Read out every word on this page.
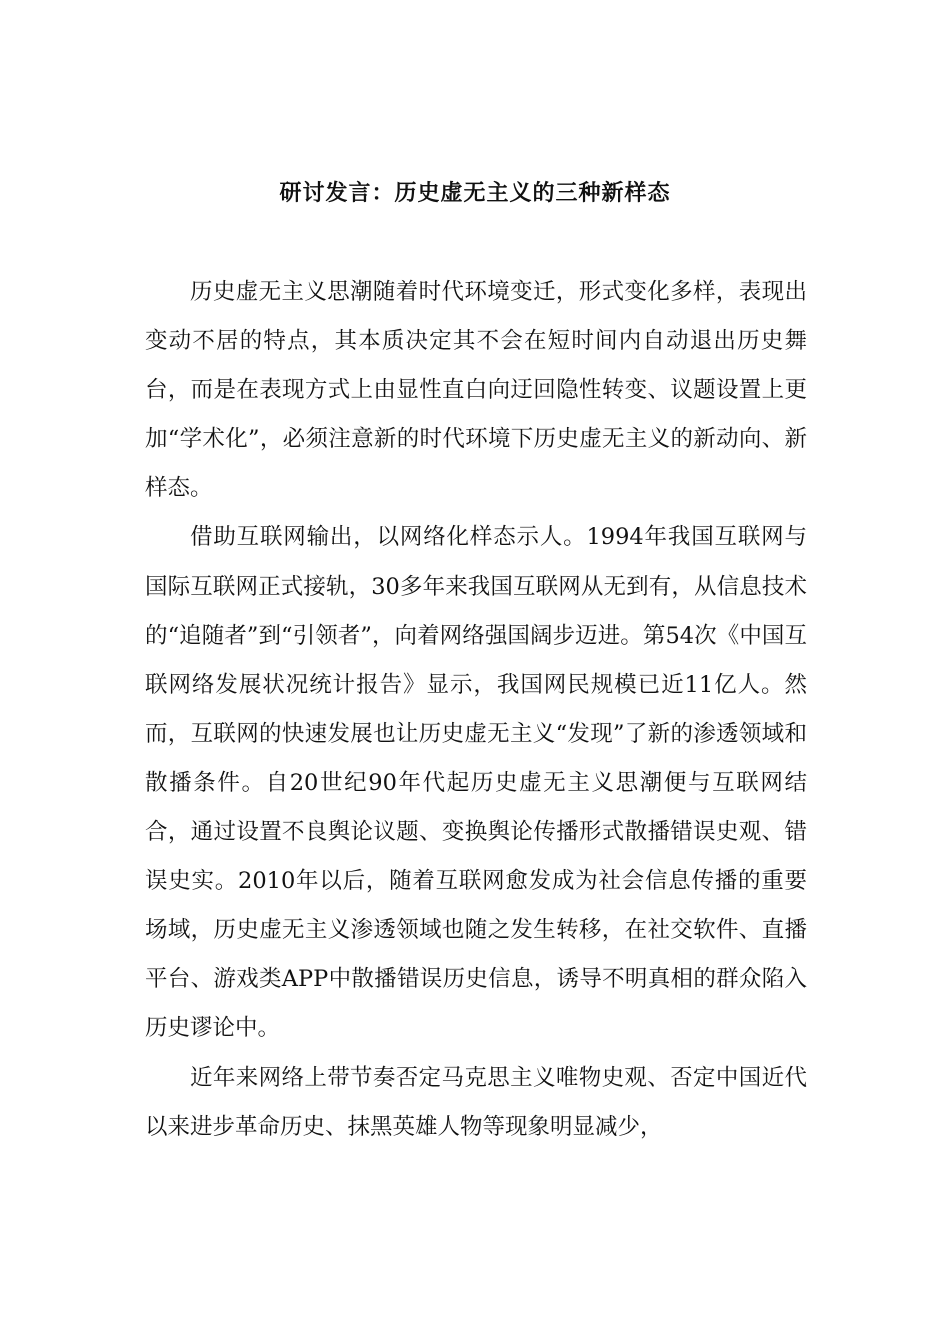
研讨发言：历史虚无主义的三种新样态

历史虚无主义思潮随着时代环境变迁，形式变化多样，表现出变动不居的特点，其本质决定其不会在短时间内自动退出历史舞台，而是在表现方式上由显性直白向迂回隐性转变、议题设置上更加“学术化”，必须注意新的时代环境下历史虚无主义的新动向、新样态。

借助互联网输出，以网络化样态示人。1994年我国互联网与国际互联网正式接轨，30多年来我国互联网从无到有，从信息技术的“追随者”到“引领者”，向着网络强国阔步迈进。第54次《中国互联网络发展状况统计报告》显示，我国网民规模已近11亿人。然而，互联网的快速发展也让历史虚无主义“发现”了新的渗透领域和散播条件。自20世纪90年代起历史虚无主义思潮便与互联网结合，通过设置不良舆论议题、变换舆论传播形式散播错误史观、错误史实。2010年以后，随着互联网愈发成为社会信息传播的重要场域，历史虚无主义渗透领域也随之发生转移，在社交软件、直播平台、游戏类APP中散播错误历史信息，诱导不明真相的群众陷入历史谬论中。

近年来网络上带节奏否定马克思主义唯物史观、否定中国近代以来进步革命历史、抹黑英雄人物等现象明显减少，
